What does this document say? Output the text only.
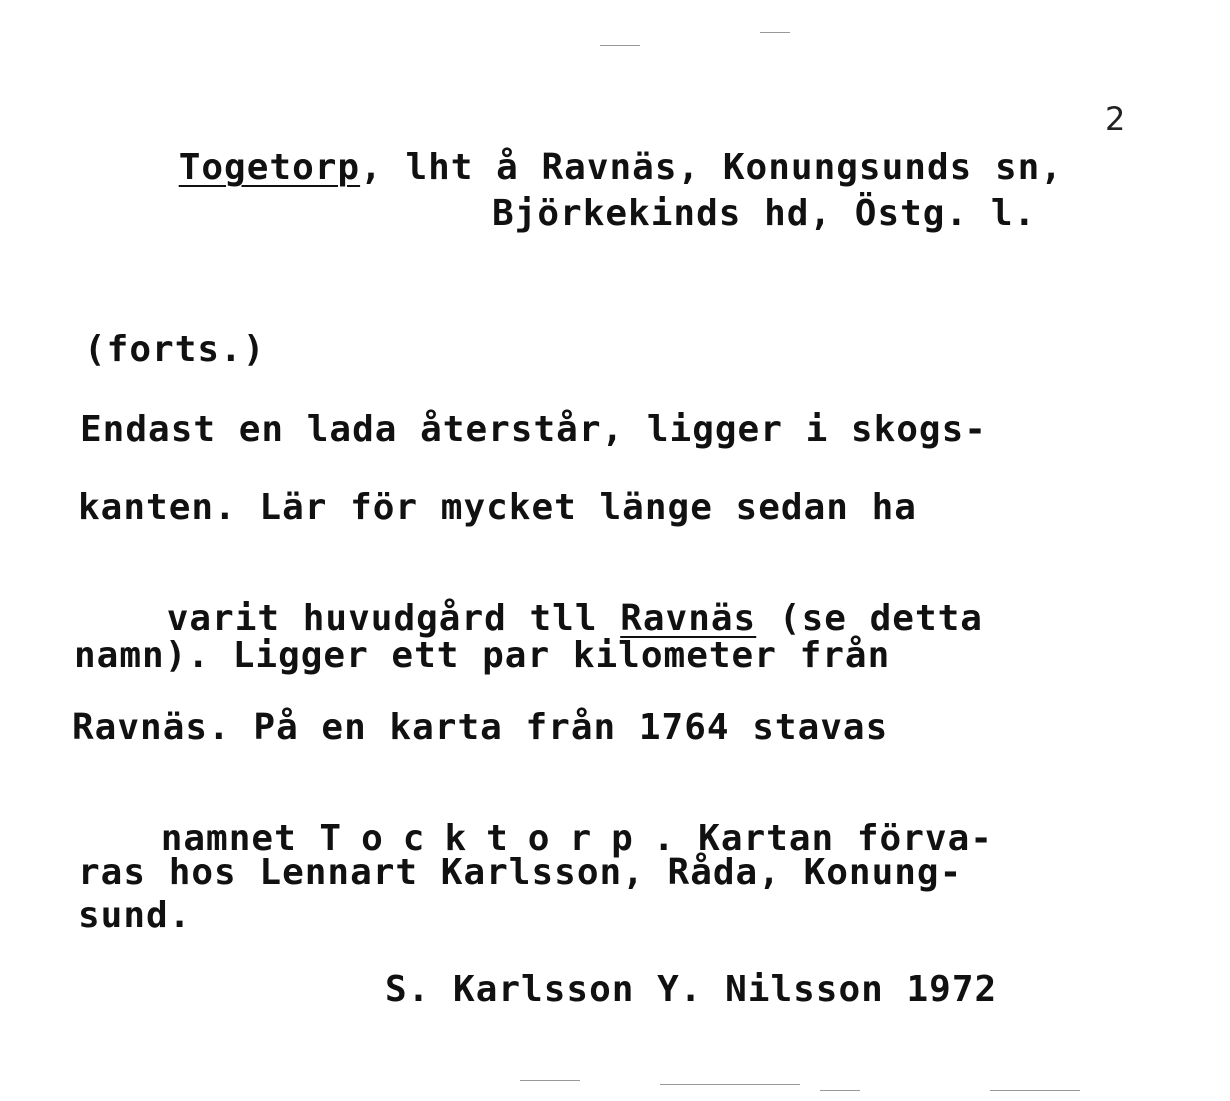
2

Togetorp, lht å Ravnäs, Konungsunds sn,

Björkekinds hd, Östg. l.
(forts.)
Endast en lada återstår, ligger i skogs-
kanten. Lär för mycket länge sedan ha

varit huvudgård tll Ravnäs (se detta

namn). Ligger ett par kilometer från
Ravnäs. På en karta från 1764 stavas

namnet Tocktorp. Kartan förva-

ras hos Lennart Karlsson, Råda, Konung-
sund.
S. Karlsson Y. Nilsson 1972
